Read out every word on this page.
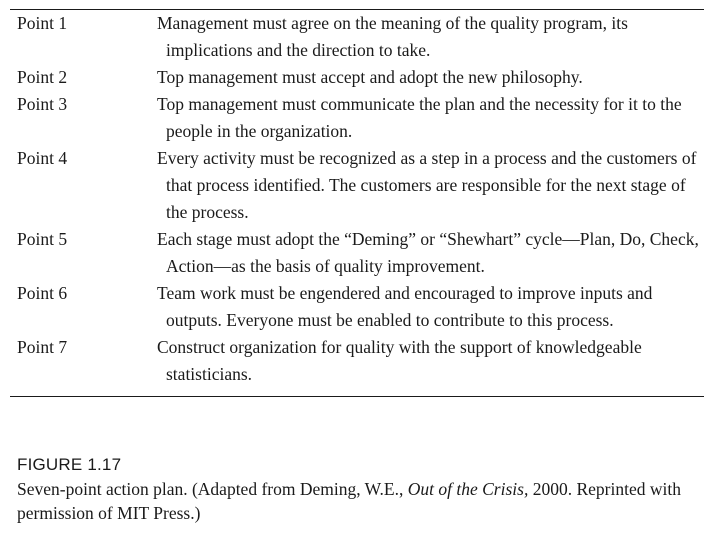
Point 1	Management must agree on the meaning of the quality program, its
implications and the direction to take.
Point 2	Top management must accept and adopt the new philosophy.
Point 3	Top management must communicate the plan and the necessity for it to the
people in the organization.
Point 4	Every activity must be recognized as a step in a process and the customers of
that process identified. The customers are responsible for the next stage of
the process.
Point 5	Each stage must adopt the “Deming” or “Shewhart” cycle—Plan, Do, Check,
Action—as the basis of quality improvement.
Point 6	Team work must be engendered and encouraged to improve inputs and
outputs. Everyone must be enabled to contribute to this process.
Point 7	Construct organization for quality with the support of knowledgeable
statisticians.
FIGURE 1.17
Seven-point action plan. (Adapted from Deming, W.E., Out of the Crisis, 2000. Reprinted with
permission of MIT Press.)
